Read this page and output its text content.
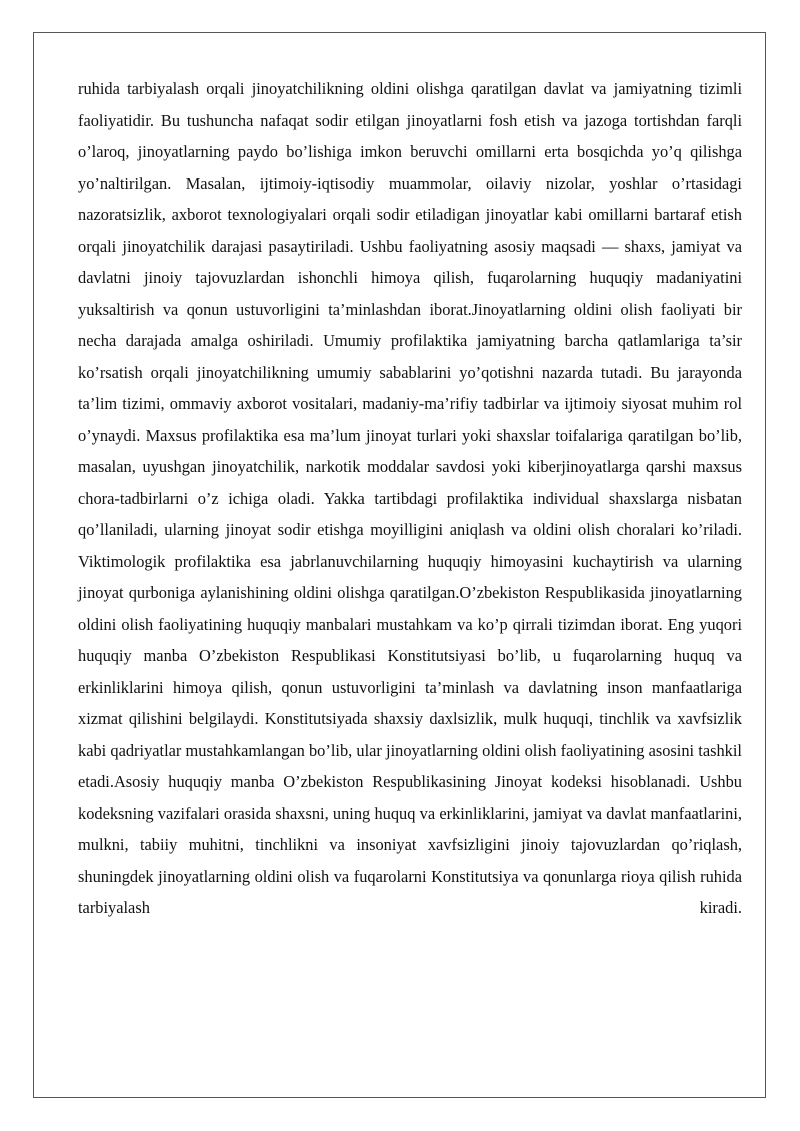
ruhida tarbiyalash orqali jinoyatchilikning oldini olishga qaratilgan davlat va jamiyatning tizimli faoliyatidir. Bu tushuncha nafaqat sodir etilgan jinoyatlarni fosh etish va jazoga tortishdan farqli o’laroq, jinoyatlarning paydo bo’lishiga imkon beruvchi omillarni erta bosqichda yo’q qilishga yo’naltirilgan. Masalan, ijtimoiy-iqtisodiy muammolar, oilaviy nizolar, yoshlar o’rtasidagi nazoratsizlik, axborot texnologiyalari orqali sodir etiladigan jinoyatlar kabi omillarni bartaraf etish orqali jinoyatchilik darajasi pasaytiriladi. Ushbu faoliyatning asosiy maqsadi — shaxs, jamiyat va davlatni jinoiy tajovuzlardan ishonchli himoya qilish, fuqarolarning huquqiy madaniyatini yuksaltirish va qonun ustuvorligini ta’minlashdan iborat.Jinoyatlarning oldini olish faoliyati bir necha darajada amalga oshiriladi. Umumiy profilaktika jamiyatning barcha qatlamlariga ta’sir ko’rsatish orqali jinoyatchilikning umumiy sabablarini yo’qotishni nazarda tutadi. Bu jarayonda ta’lim tizimi, ommaviy axborot vositalari, madaniy-ma’rifiy tadbirlar va ijtimoiy siyosat muhim rol o’ynaydi. Maxsus profilaktika esa ma’lum jinoyat turlari yoki shaxslar toifalariga qaratilgan bo’lib, masalan, uyushgan jinoyatchilik, narkotik moddalar savdosi yoki kiberjinoyatlarga qarshi maxsus chora-tadbirlarni o’z ichiga oladi. Yakka tartibdagi profilaktika individual shaxslarga nisbatan qo’llaniladi, ularning jinoyat sodir etishga moyilligini aniqlash va oldini olish choralari ko’riladi. Viktimologik profilaktika esa jabrlanuvchilarning huquqiy himoyasini kuchaytirish va ularning jinoyat qurboniga aylanishining oldini olishga qaratilgan.O’zbekiston Respublikasida jinoyatlarning oldini olish faoliyatining huquqiy manbalari mustahkam va ko’p qirrali tizimdan iborat. Eng yuqori huquqiy manba O’zbekiston Respublikasi Konstitutsiyasi bo’lib, u fuqarolarning huquq va erkinliklarini himoya qilish, qonun ustuvorligini ta’minlash va davlatning inson manfaatlariga xizmat qilishini belgilaydi. Konstitutsiyada shaxsiy daxlsizlik, mulk huquqi, tinchlik va xavfsizlik kabi qadriyatlar mustahkamlangan bo’lib, ular jinoyatlarning oldini olish faoliyatining asosini tashkil etadi.Asosiy huquqiy manba O’zbekiston Respublikasining Jinoyat kodeksi hisoblanadi. Ushbu kodeksning vazifalari orasida shaxsni, uning huquq va erkinliklarini, jamiyat va davlat manfaatlarini, mulkni, tabiiy muhitni, tinchlikni va insoniyat xavfsizligini jinoiy tajovuzlardan qo’riqlash, shuningdek jinoyatlarning oldini olish va fuqarolarni Konstitutsiya va qonunlarga rioya qilish ruhida tarbiyalash kiradi.
